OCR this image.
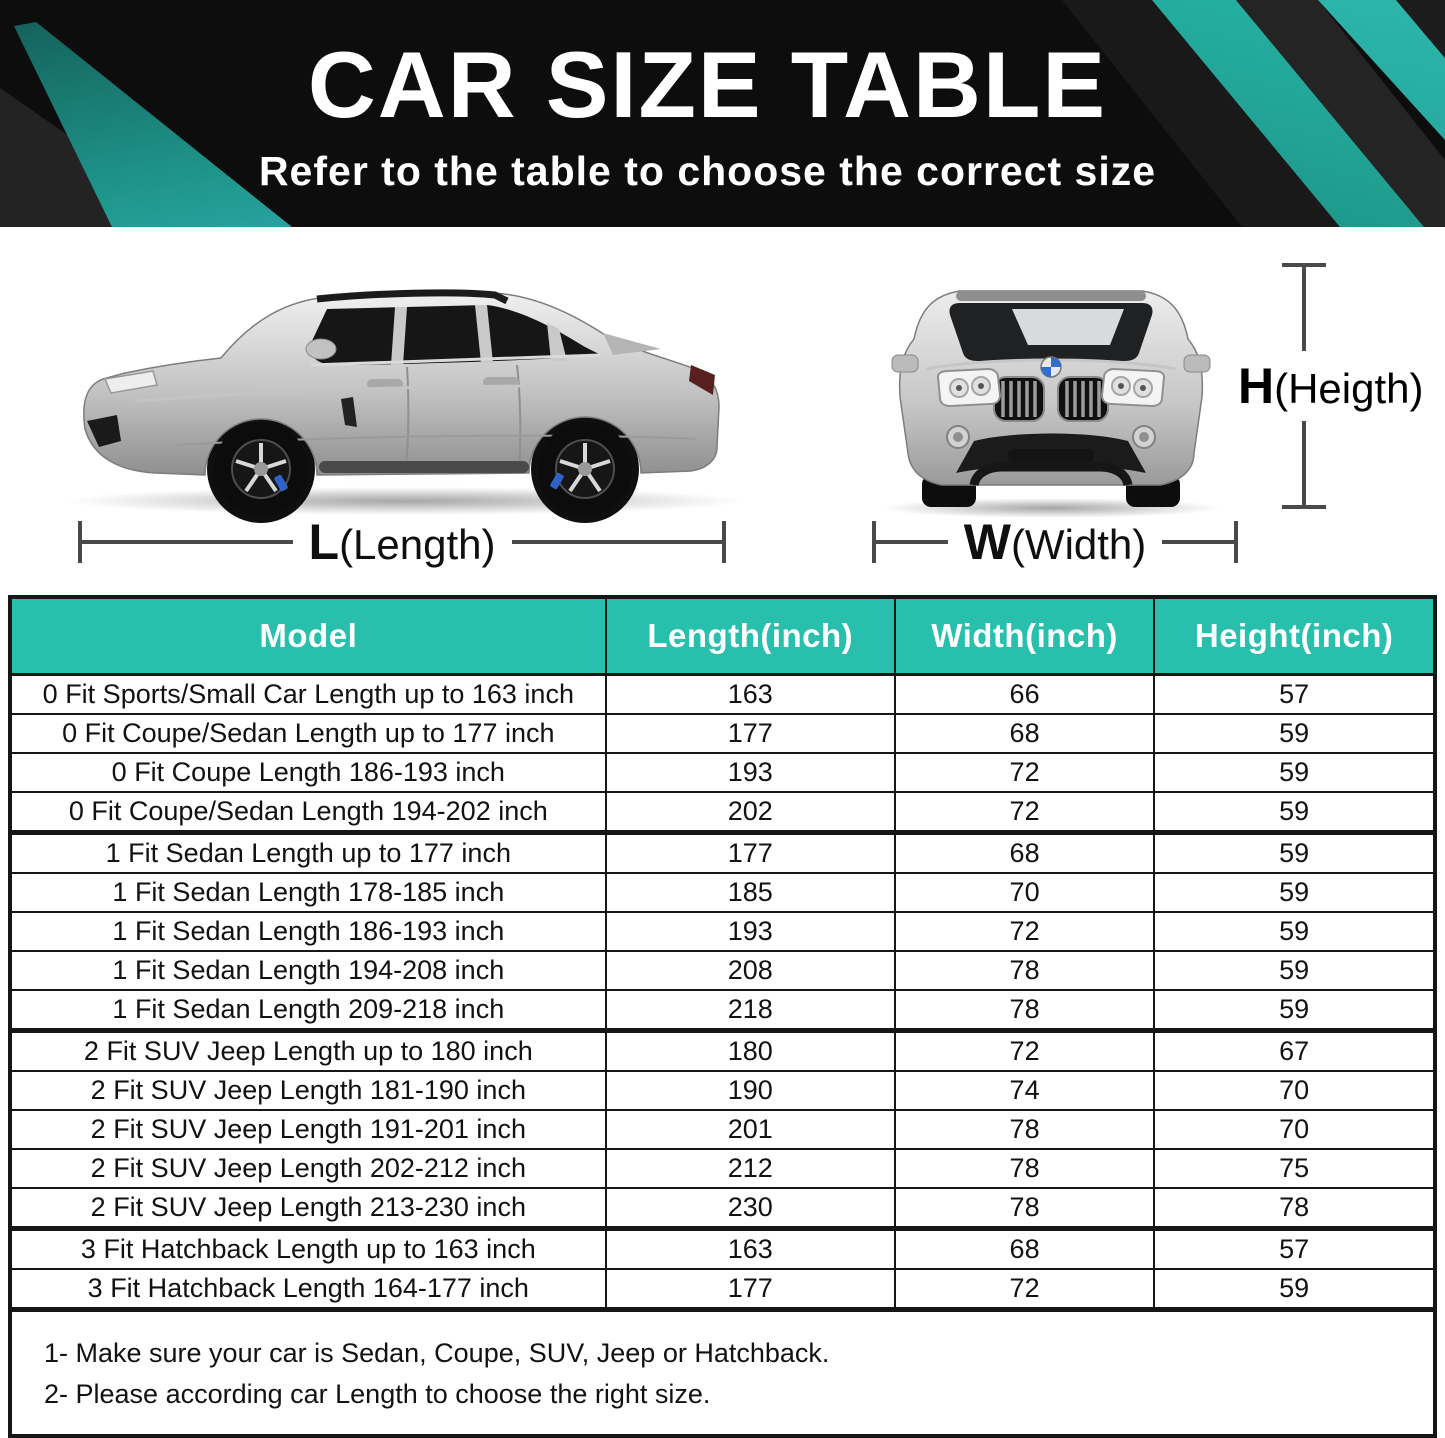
CAR SIZE TABLE
Refer to the table to choose the correct size
L(Length)	W(Width)
H(Heigth)
Model	Length(inch)	Width(inch)	Height(inch)
0 Fit Sports/Small Car Length up to 163 inch	163	66	57
0 Fit Coupe/Sedan Length up to 177 inch	177	68	59
0 Fit Coupe Length 186-193 inch	193	72	59
0 Fit Coupe/Sedan Length 194-202 inch	202	72	59
1 Fit Sedan Length up to 177 inch	177	68	59
1 Fit Sedan Length 178-185 inch	185	70	59
1 Fit Sedan Length 186-193 inch	193	72	59
1 Fit Sedan Length 194-208 inch	208	78	59
1 Fit Sedan Length 209-218 inch	218	78	59
2 Fit SUV Jeep Length up to 180 inch	180	72	67
2 Fit SUV Jeep Length 181-190 inch	190	74	70
2 Fit SUV Jeep Length 191-201 inch	201	78	70
2 Fit SUV Jeep Length 202-212 inch	212	78	75
2 Fit SUV Jeep Length 213-230 inch	230	78	78
3 Fit Hatchback Length up to 163 inch	163	68	57
3 Fit Hatchback Length 164-177 inch	177	72	59

1- Make sure your car is Sedan, Coupe, SUV, Jeep or Hatchback.
2- Please according car Length to choose the right size.			
